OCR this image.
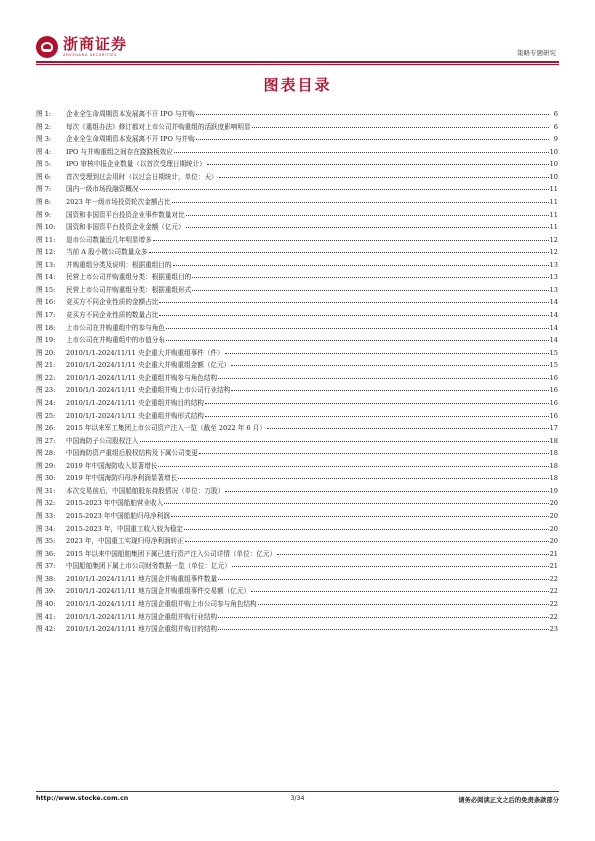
浙商证券
ZHESHANG SECURITIES	策略专题研究
图表目录
图 1:	企业全生命周期资本发展离不开 IPO 与并购	6
图 2:	每次《重组办法》修订都对上市公司并购重组的活跃度影响明显	6
图 3:	企业全生命周期资本发展离不开 IPO 与并购	9
图 4:	IPO 与并购重组之间存在跷跷板效应	10
图 5:	IPO 审核申报企业数量（以首次受理日期统计）	10
图 6:	首次受理到过会用时（以过会日期统计，单位：天）	10
图 7:	国内一级市场投融资概况	11
图 8:	2023 年一级市场投资轮次金额占比	11
图 9:	国资和非国资平台投资企业事件数量对比	11
图 10:	国资和非国资平台投资企业金额（亿元）	11
图 11:	退市公司数量近几年明显增多	12
图 12:	当前 A 股小微公司数量众多	12
图 13:	并购重组分类及说明：根据重组目的	13
图 14:	民营上市公司并购重组分类：根据重组目的	13
图 15:	民营上市公司并购重组分类：根据重组形式	13
图 16:	竞买方不同企业性质的金额占比	14
图 17:	竞买方不同企业性质的数量占比	14
图 18:	上市公司在并购重组中的参与角色	14
图 19:	上市公司在并购重组中的市值分布	14
图 20:	2010/1/1-2024/11/11 央企重大并购重组事件（件）	15
图 21:	2010/1/1-2024/11/11 央企重大并购重组金额（亿元）	15
图 22:	2010/1/1-2024/11/11 央企重组并购参与角色结构	16
图 23:	2010/1/1-2024/11/11 央企重组并购上市公司行业结构	16
图 24:	2010/1/1-2024/11/11 央企重组并购目的结构	16
图 25:	2010/1/1-2024/11/11 央企重组并购形式结构	16
图 26:	2015 年以来军工集团上市公司资产注入一览（截至 2022 年 6 月）	17
图 27:	中国海防子公司股权注入	18
图 28:	中国海防资产重组后股权结构及下属公司变更	18
图 29:	2019 年中国海防收入显著增长	18
图 30:	2019 年中国海防归母净利润显著增长	18
图 31:	本次交易前后，中国船舶股东持股情况（单位：万股）	19
图 32:	2015-2023 年中国船舶营业收入	20
图 33:	2015-2023 年中国船舶归母净利润	20
图 34:	2015-2023 年，中国重工收入较为稳定	20
图 35:	2023 年，中国重工实现归母净利润转正	20
图 36:	2015 年以来中国船舶集团下属已进行资产注入公司详情（单位：亿元）	21
图 37:	中国船舶集团下属上市公司财务数据一览（单位：亿元）	21
图 38:	2010/1/1-2024/11/11 地方国企并购重组事件数量	22
图 39:	2010/1/1-2024/11/11 地方国企并购重组事件交易额（亿元）	22
图 40:	2010/1/1-2024/11/11 地方国企重组并购上市公司参与角色结构	22
图 41:	2010/1/1-2024/11/11 地方国企重组并购行业结构	22
图 42:	2010/1/1-2024/11/11 地方国企重组并购目的结构	23
http://www.stocke.com.cn	3/34	请务必阅读正文之后的免责条款部分
